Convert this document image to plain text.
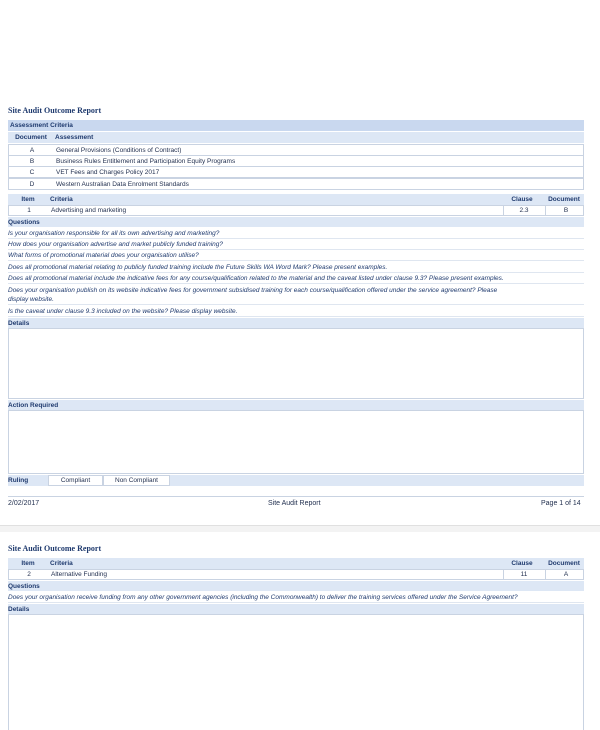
Site Audit Outcome Report
Assessment Criteria
Document	Assessment
A	General Provisions (Conditions of Contract)
B	Business Rules Entitlement and Participation Equity Programs
C	VET Fees and Charges Policy 2017
D	Western Australian Data Enrolment Standards
Item	Criteria	Clause	Document
1	Advertising and marketing	2.3	B
Questions
Is your organisation responsible for all its own advertising and marketing?
How does your organisation advertise and market publicly funded training?
What forms of promotional material does your organisation utilise?
Does all promotional material relating to publicly funded training include the Future Skills WA Word Mark? Please present examples.
Does all promotional material include the indicative fees for any course/qualification related to the material and the caveat listed under clause 9.3? Please present examples.
Does your organisation publish on its website indicative fees for government subsidised training for each course/qualification offered under the service agreement? Please
display website.
Is the caveat under clause 9.3 included on the website? Please display website.
Details
Action Required
Ruling	Compliant	Non Compliant
2/02/2017	Site Audit Report	Page 1 of 14
Site Audit Outcome Report
Item	Criteria	Clause	Document
2	Alternative Funding	11	A
Questions
Does your organisation receive funding from any other government agencies (including the Commonwealth) to deliver the training services offered under the Service Agreement?
Details
